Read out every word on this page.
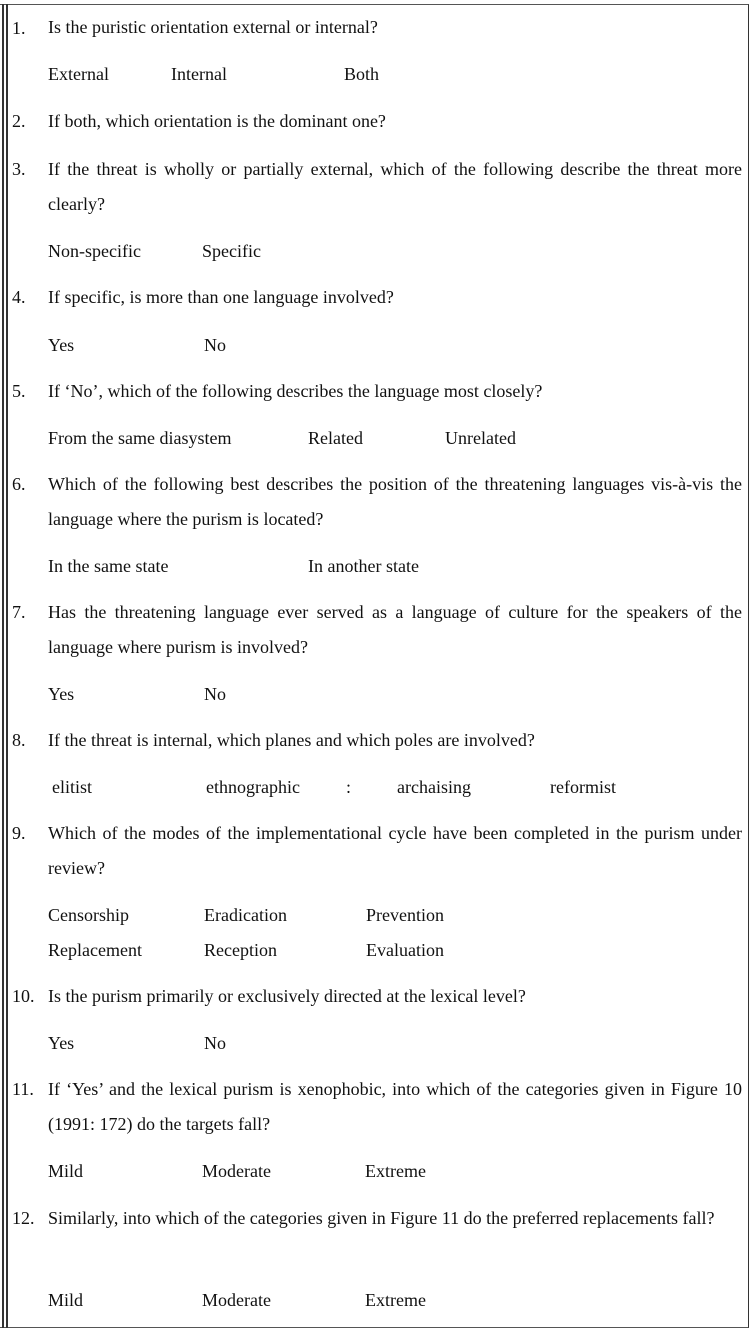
1. Is the puristic orientation external or internal?
External	Internal	Both
2. If both, which orientation is the dominant one?
3. If the threat is wholly or partially external, which of the following describe the threat more clearly?
Non-specific	Specific
4. If specific, is more than one language involved?
Yes	No
5. If ‘No’, which of the following describes the language most closely?
From the same diasystem	Related	Unrelated
6. Which of the following best describes the position of the threatening languages vis-à-vis the language where the purism is located?
In the same state	In another state
7. Has the threatening language ever served as a language of culture for the speakers of the language where purism is involved?
Yes	No
8. If the threat is internal, which planes and which poles are involved?
elitist	ethnographic	:	archaising	reformist
9. Which of the modes of the implementational cycle have been completed in the purism under review?
Censorship	Eradication	Prevention
Replacement	Reception	Evaluation
10. Is the purism primarily or exclusively directed at the lexical level?
Yes	No
11. If ‘Yes’ and the lexical purism is xenophobic, into which of the categories given in Figure 10 (1991: 172) do the targets fall?
Mild	Moderate	Extreme
12. Similarly, into which of the categories given in Figure 11 do the preferred replacements fall?
Mild	Moderate	Extreme
